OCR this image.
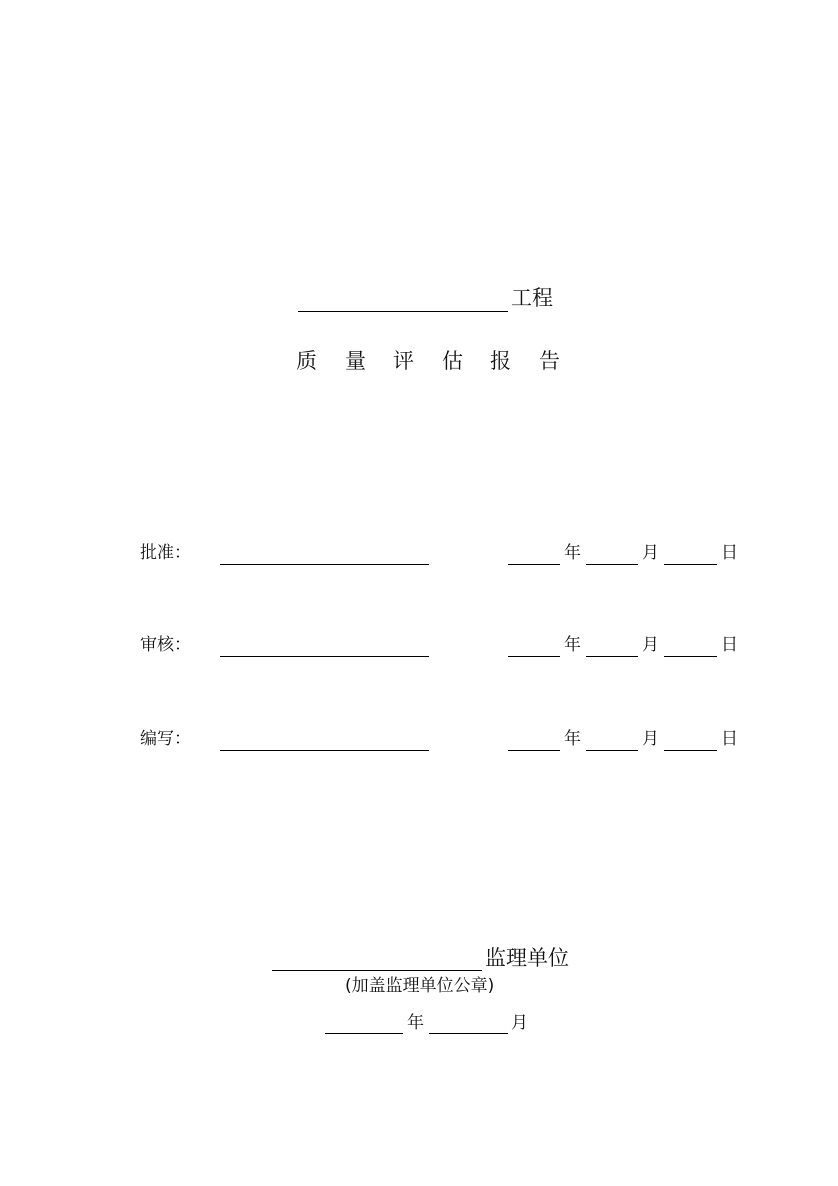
工程
质 量 评 估 报 告
批准：	年	月	日
审核：	年	月	日
编写：	年	月	日
监理单位
(加盖监理单位公章)
年	月
